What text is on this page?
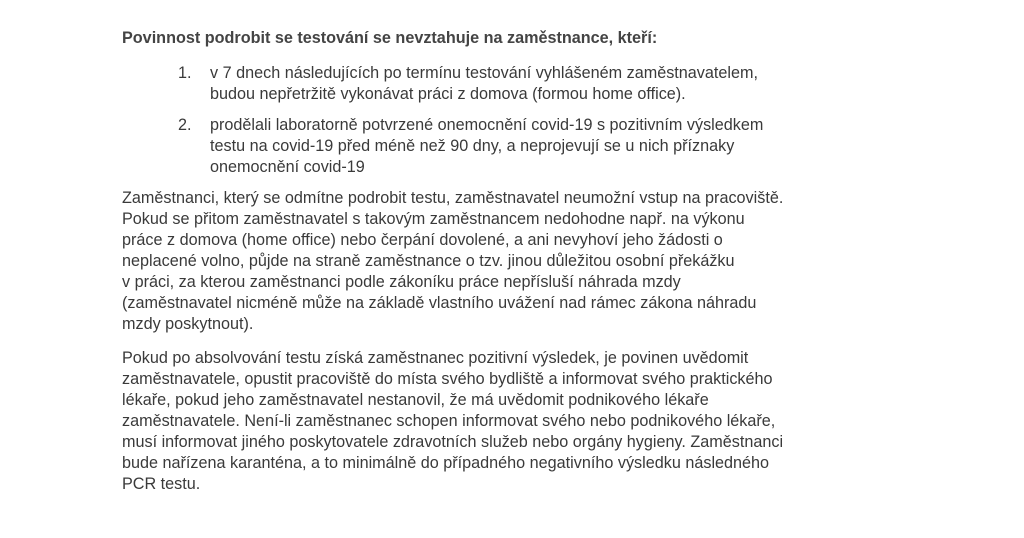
Povinnost podrobit se testování se nevztahuje na zaměstnance, kteří:

1. v 7 dnech následujících po termínu testování vyhlášeném zaměstnavatelem,
budou nepřetržitě vykonávat práci z domova (formou home office).
2. prodělali laboratorně potvrzené onemocnění covid-19 s pozitivním výsledkem
testu na covid-19 před méně než 90 dny, a neprojevují se u nich příznaky
onemocnění covid-19

Zaměstnanci, který se odmítne podrobit testu, zaměstnavatel neumožní vstup na pracoviště.
Pokud se přitom zaměstnavatel s takovým zaměstnancem nedohodne např. na výkonu
práce z domova (home office) nebo čerpání dovolené, a ani nevyhoví jeho žádosti o
neplacené volno, půjde na straně zaměstnance o tzv. jinou důležitou osobní překážku
v práci, za kterou zaměstnanci podle zákoníku práce nepřísluší náhrada mzdy
(zaměstnavatel nicméně může na základě vlastního uvážení nad rámec zákona náhradu
mzdy poskytnout).

Pokud po absolvování testu získá zaměstnanec pozitivní výsledek, je povinen uvědomit
zaměstnavatele, opustit pracoviště do místa svého bydliště a informovat svého praktického
lékaře, pokud jeho zaměstnavatel nestanovil, že má uvědomit podnikového lékaře
zaměstnavatele. Není-li zaměstnanec schopen informovat svého nebo podnikového lékaře,
musí informovat jiného poskytovatele zdravotních služeb nebo orgány hygieny. Zaměstnanci
bude nařízena karanténa, a to minimálně do případného negativního výsledku následného
PCR testu.
